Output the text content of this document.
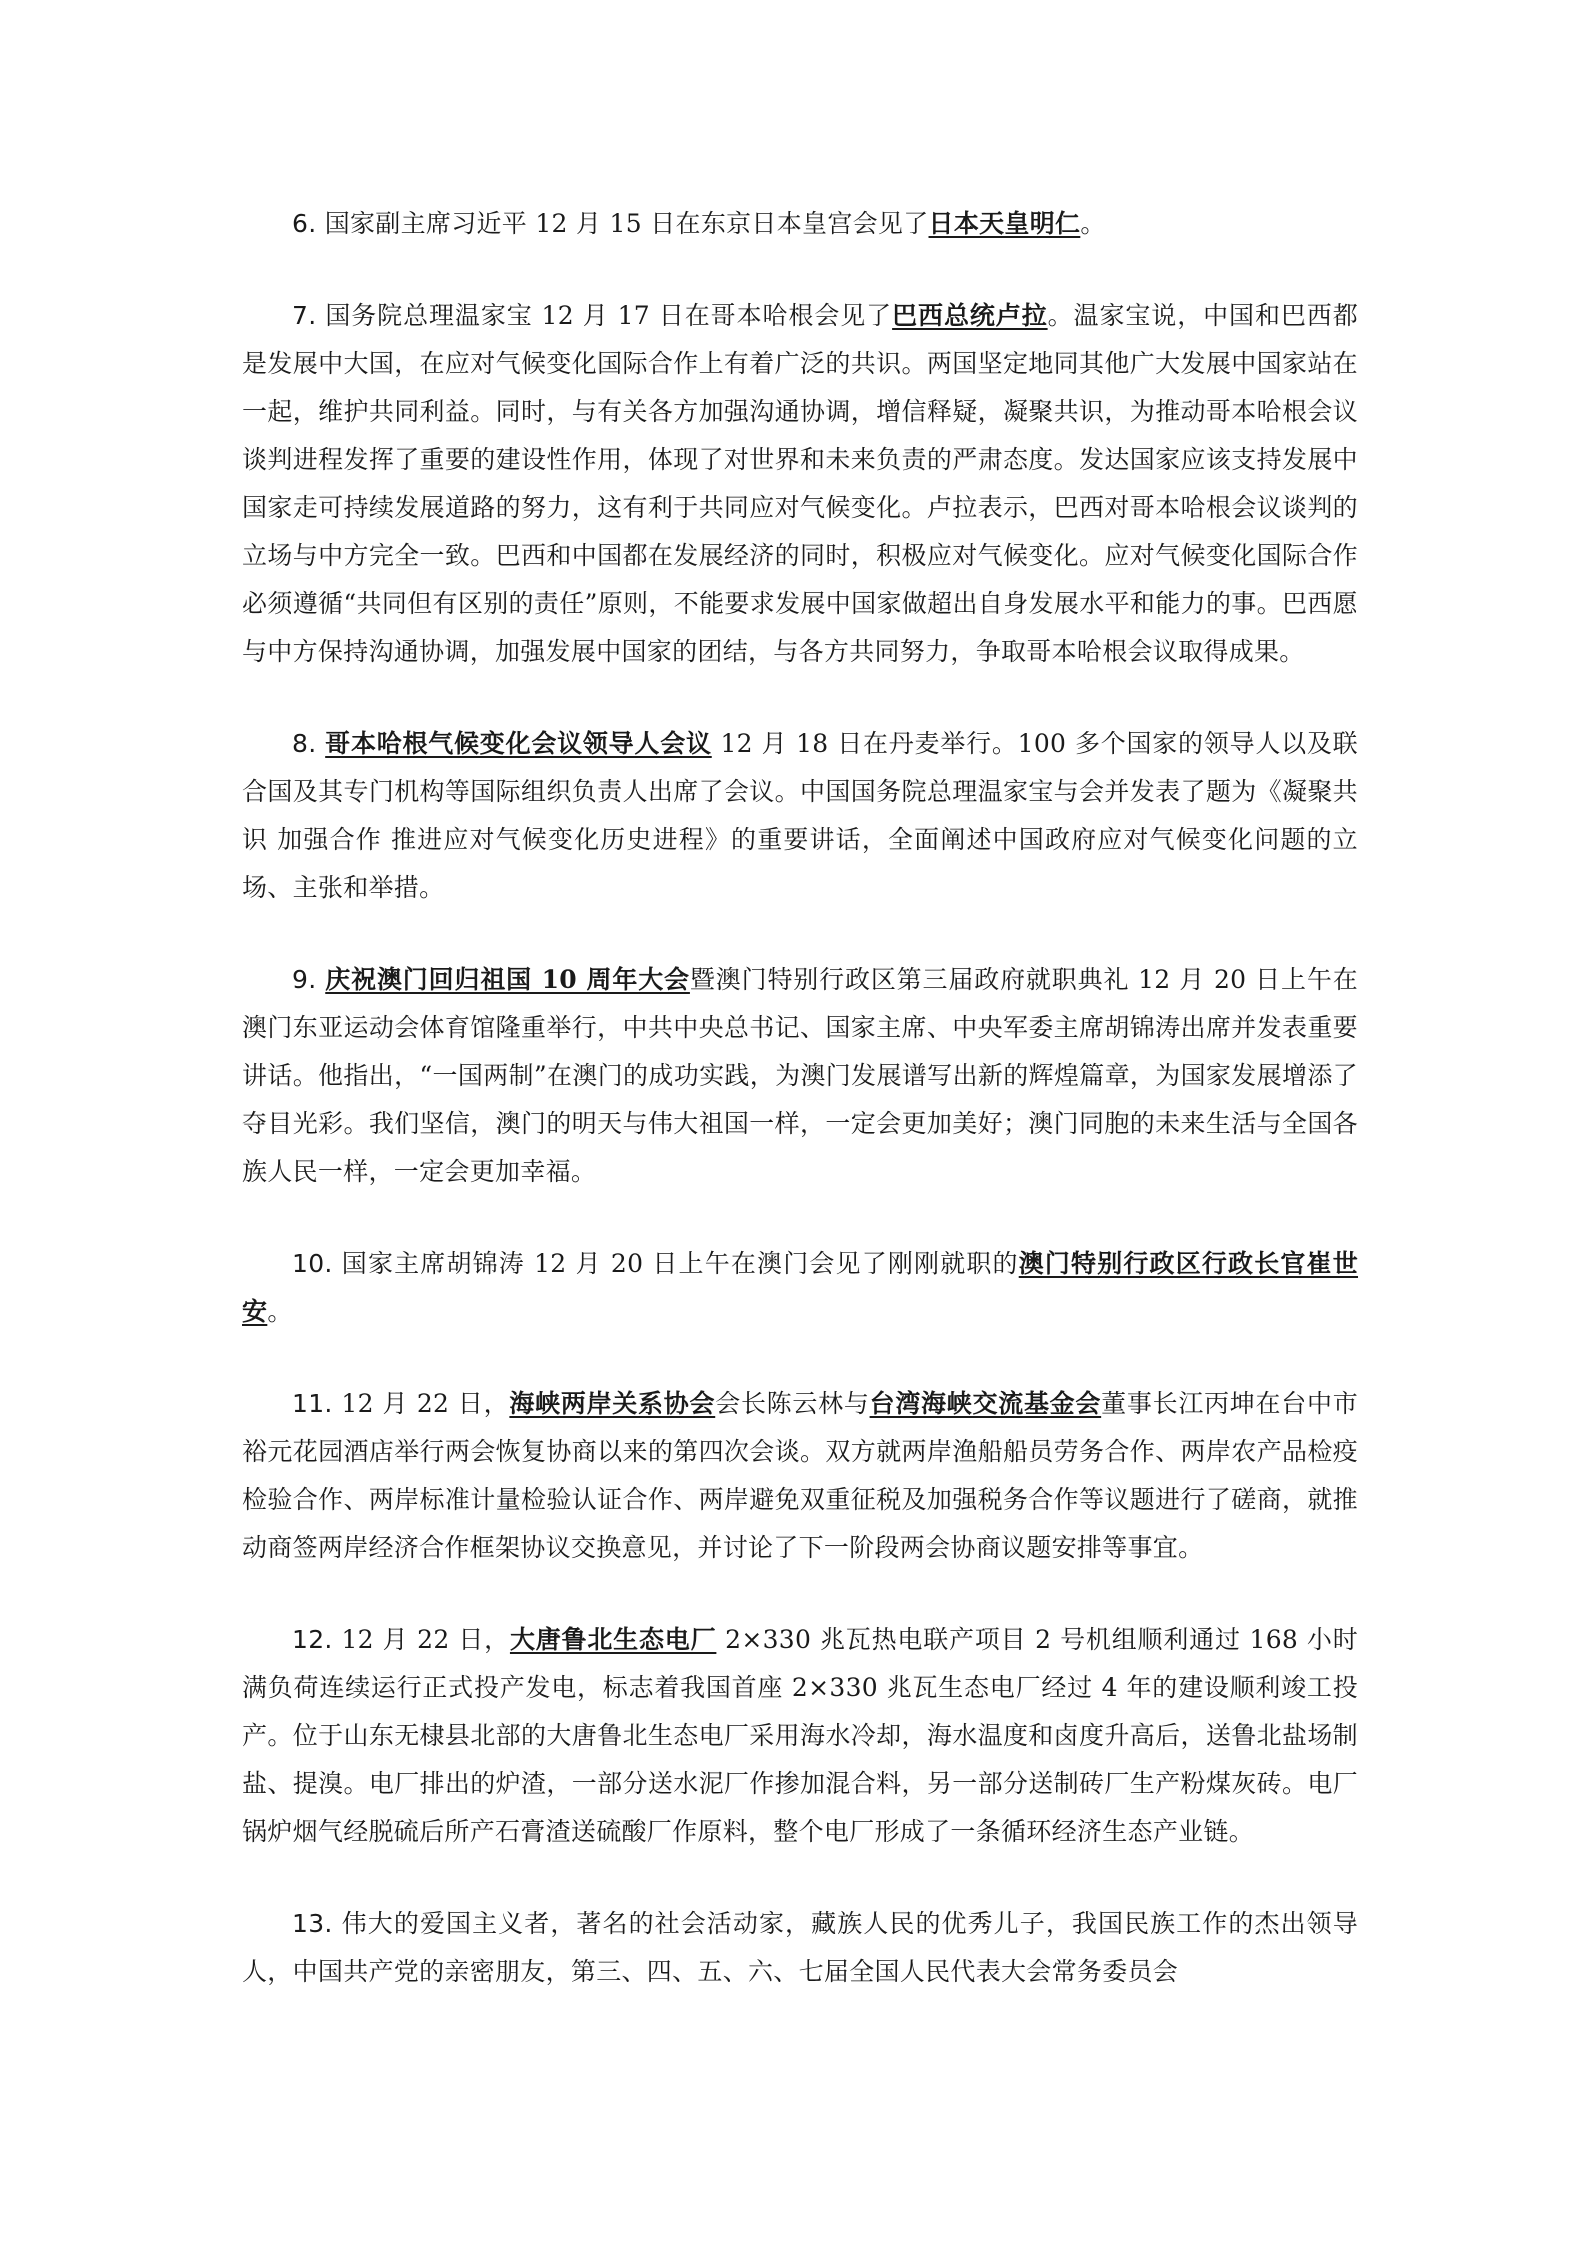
6. 国家副主席习近平 12 月 15 日在东京日本皇宫会见了日本天皇明仁。

7. 国务院总理温家宝 12 月 17 日在哥本哈根会见了巴西总统卢拉。温家宝说，中国和巴西都是发展中大国，在应对气候变化国际合作上有着广泛的共识。两国坚定地同其他广大发展中国家站在一起，维护共同利益。同时，与有关各方加强沟通协调，增信释疑，凝聚共识，为推动哥本哈根会议谈判进程发挥了重要的建设性作用，体现了对世界和未来负责的严肃态度。发达国家应该支持发展中国家走可持续发展道路的努力，这有利于共同应对气候变化。卢拉表示，巴西对哥本哈根会议谈判的立场与中方完全一致。巴西和中国都在发展经济的同时，积极应对气候变化。应对气候变化国际合作必须遵循“共同但有区别的责任”原则，不能要求发展中国家做超出自身发展水平和能力的事。巴西愿与中方保持沟通协调，加强发展中国家的团结，与各方共同努力，争取哥本哈根会议取得成果。

8. 哥本哈根气候变化会议领导人会议 12 月 18 日在丹麦举行。100 多个国家的领导人以及联合国及其专门机构等国际组织负责人出席了会议。中国国务院总理温家宝与会并发表了题为《凝聚共识 加强合作 推进应对气候变化历史进程》的重要讲话，全面阐述中国政府应对气候变化问题的立场、主张和举措。

9. 庆祝澳门回归祖国 10 周年大会暨澳门特别行政区第三届政府就职典礼 12 月 20 日上午在澳门东亚运动会体育馆隆重举行，中共中央总书记、国家主席、中央军委主席胡锦涛出席并发表重要讲话。他指出，“一国两制”在澳门的成功实践，为澳门发展谱写出新的辉煌篇章，为国家发展增添了夺目光彩。我们坚信，澳门的明天与伟大祖国一样，一定会更加美好；澳门同胞的未来生活与全国各族人民一样，一定会更加幸福。

10. 国家主席胡锦涛 12 月 20 日上午在澳门会见了刚刚就职的澳门特别行政区行政长官崔世安。

11. 12 月 22 日，海峡两岸关系协会会长陈云林与台湾海峡交流基金会董事长江丙坤在台中市裕元花园酒店举行两会恢复协商以来的第四次会谈。双方就两岸渔船船员劳务合作、两岸农产品检疫检验合作、两岸标准计量检验认证合作、两岸避免双重征税及加强税务合作等议题进行了磋商，就推动商签两岸经济合作框架协议交换意见，并讨论了下一阶段两会协商议题安排等事宜。

12. 12 月 22 日，大唐鲁北生态电厂 2×330 兆瓦热电联产项目 2 号机组顺利通过 168 小时满负荷连续运行正式投产发电，标志着我国首座 2×330 兆瓦生态电厂经过 4 年的建设顺利竣工投产。位于山东无棣县北部的大唐鲁北生态电厂采用海水冷却，海水温度和卤度升高后，送鲁北盐场制盐、提溴。电厂排出的炉渣，一部分送水泥厂作掺加混合料，另一部分送制砖厂生产粉煤灰砖。电厂锅炉烟气经脱硫后所产石膏渣送硫酸厂作原料，整个电厂形成了一条循环经济生态产业链。

13. 伟大的爱国主义者，著名的社会活动家，藏族人民的优秀儿子，我国民族工作的杰出领导人，中国共产党的亲密朋友，第三、四、五、六、七届全国人民代表大会常务委员会
